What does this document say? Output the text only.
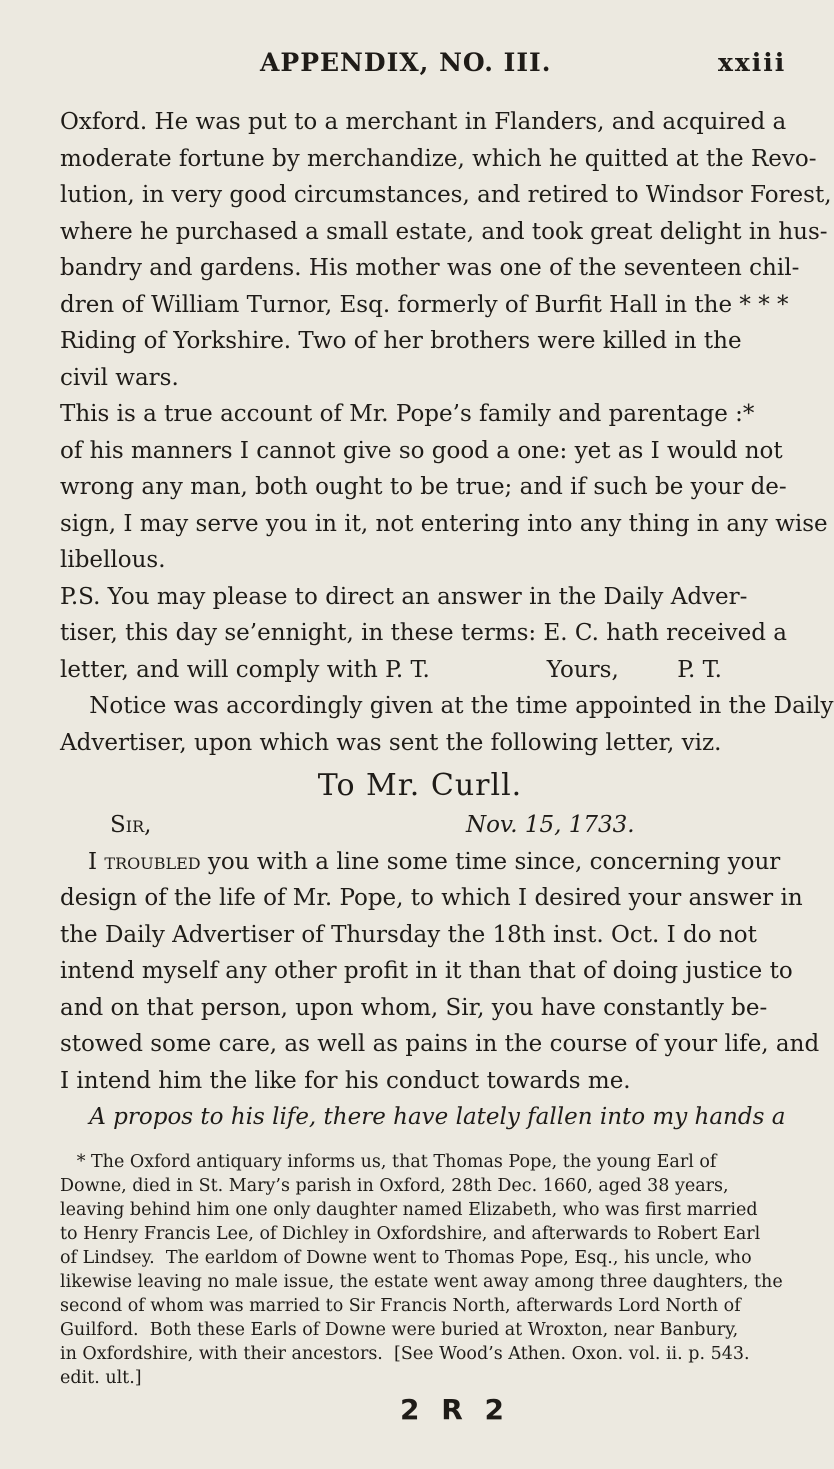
APPENDIX, NO. III.	xxiii
Oxford. He was put to a merchant in Flanders, and acquired a
moderate fortune by merchandize, which he quitted at the Revo-
lution, in very good circumstances, and retired to Windsor Forest,
where he purchased a small estate, and took great delight in hus-
bandry and gardens. His mother was one of the seventeen chil-
dren of William Turnor, Esq. formerly of Burfit Hall in the * * *
Riding of Yorkshire. Two of her brothers were killed in the
civil wars.
This is a true account of Mr. Pope’s family and parentage :*
of his manners I cannot give so good a one: yet as I would not
wrong any man, both ought to be true; and if such be your de-
sign, I may serve you in it, not entering into any thing in any wise
libellous.
P.S. You may please to direct an answer in the Daily Adver-
tiser, this day se’ennight, in these terms: E. C. hath received a
letter, and will comply with P. T.                Yours,        P. T.
Notice was accordingly given at the time appointed in the Daily
Advertiser, upon which was sent the following letter, viz.
To Mr. Curll.
Sir,	Nov. 15, 1733.
I troubled you with a line some time since, concerning your
design of the life of Mr. Pope, to which I desired your answer in
the Daily Advertiser of Thursday the 18th inst. Oct. I do not
intend myself any other profit in it than that of doing justice to
and on that person, upon whom, Sir, you have constantly be-
stowed some care, as well as pains in the course of your life, and
I intend him the like for his conduct towards me.
A propos to his life, there have lately fallen into my hands a
* The Oxford antiquary informs us, that Thomas Pope, the young Earl of
Downe, died in St. Mary’s parish in Oxford, 28th Dec. 1660, aged 38 years,
leaving behind him one only daughter named Elizabeth, who was first married
to Henry Francis Lee, of Dichley in Oxfordshire, and afterwards to Robert Earl
of Lindsey.  The earldom of Downe went to Thomas Pope, Esq., his uncle, who
likewise leaving no male issue, the estate went away among three daughters, the
second of whom was married to Sir Francis North, afterwards Lord North of
Guilford.  Both these Earls of Downe were buried at Wroxton, near Banbury,
in Oxfordshire, with their ancestors.  [See Wood’s Athen. Oxon. vol. ii. p. 543.
edit. ult.]
2 R 2
